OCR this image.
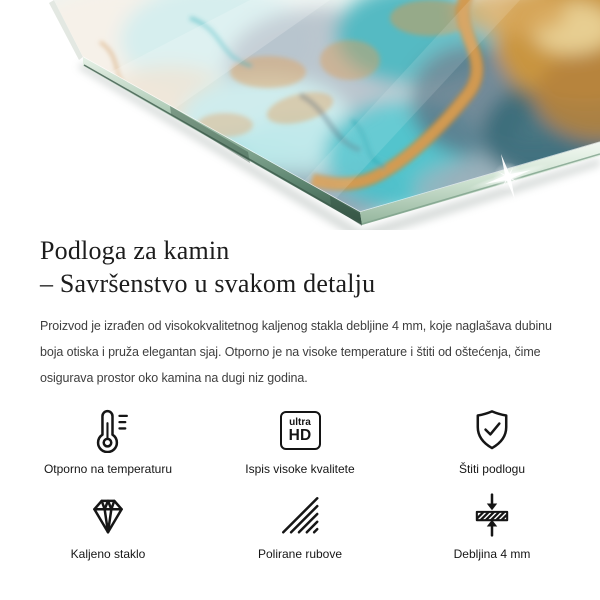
Podloga za kamin
– Savršenstvo u svakom detalju

Proizvod je izrađen od visokokvalitetnog kaljenog stakla debljine 4 mm, koje naglašava dubinu
boja otiska i pruža elegantan sjaj. Otporno je na visoke temperature i štiti od oštećenja, čime
osigurava prostor oko kamina na dugi niz godina.

Otporno na temperaturu
ultra
HD
Ispis visoke kvalitete	Štiti podlogu
Kaljeno staklo	Polirane rubove	Debljina 4 mm
